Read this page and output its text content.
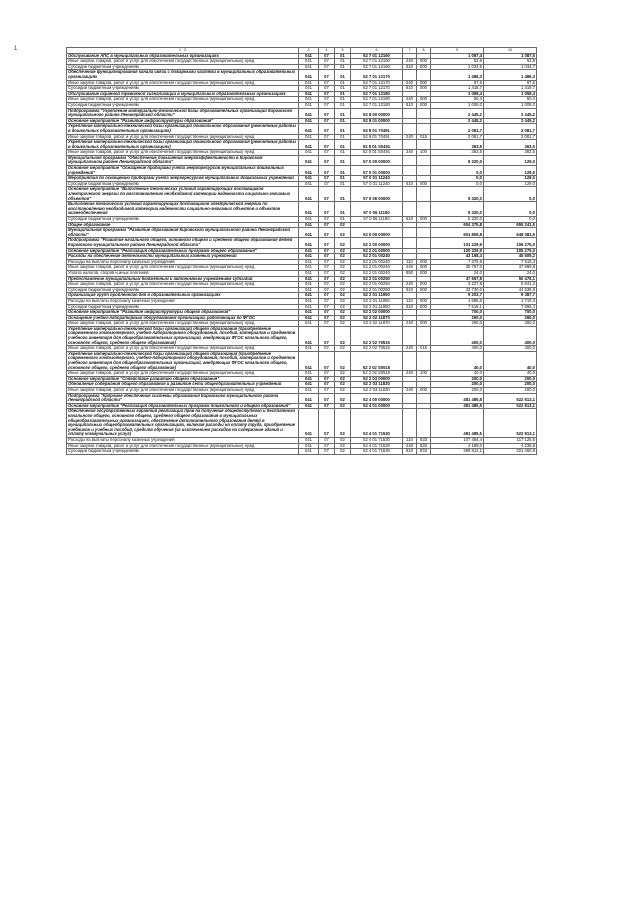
1	1 2	3	4	5	6	7	8	9	10
Обслуживание АПС в муниципальных образовательных организациях	041	07	01	52 7 01 12160			1 087,4	1 087,5
Иные закупки товаров, работ и услуг для обеспечения государственных (муниципальных) нужд	041	07	01	52 7 01 12160	240	000	52,8	52,8
Субсидии бюджетным учреждениям	041	07	01	52 7 01 12160	610	000	1 034,6	1 034,7
Обеспечение функционирования канала связи с пожарными частями в муниципальных образовательных организациях	041	07	01	52 7 01 12170			1 486,3	1 486,3
Иные закупки товаров, работ и услуг для обеспечения государственных (муниципальных) нужд	041	07	01	52 7 01 12170	240	000	67,6	67,6
Субсидии бюджетным учреждениям	041	07	01	52 7 01 12170	610	000	1 418,7	1 418,7
Обслуживание охранной тревожной сигнализации в муниципальных образовательных организациях	041	07	01	52 7 01 12180			1 058,4	1 058,4
Иные закупки товаров, работ и услуг для обеспечения государственных (муниципальных) нужд	041	07	01	52 7 01 12180	240	000	50,4	50,4
Субсидии бюджетным учреждениям	041	07	01	52 7 01 12180	610	000	1 008,0	1 008,0
Подпрограмма "Укрепление материально-технической базы образовательных организаций Кировского муниципального района Ленинградской области"	041	07	01	52 8 00 00000			2 445,2	2 445,2
Основное мероприятие "Развитие инфраструктуры образования"	041	07	01	52 8 01 00000			2 445,2	2 445,2
Укрепление материально-технической базы организаций дошкольного образования (ремонтные работы в дошкольных образовательных организациях)	041	07	01	52 8 01 70491			2 081,7	2 081,7
Иные закупки товаров, работ и услуг для обеспечения государственных (муниципальных) нужд	041	07	01	52 8 01 70491	240	015	2 081,7	2 081,7
Укрепление материально-технической базы организаций дошкольного образования (ремонтные работы в дошкольных образовательных организациях)	041	07	01	52 8 01 S0491			363,5	363,5
Иные закупки товаров, работ и услуг для обеспечения государственных (муниципальных) нужд	041	07	01	52 8 01 S0491	240	100	363,5	363,5
Муниципальная программа "Обеспечение повышения энергоэффективности в Кировском муниципальном районе Ленинградской области"	041	07	01	57 0 00 00000			5 320,0	129,0
Основное мероприятие "Оснащение приборами учета энергоресурсов муниципальных дошкольных учреждений"	041	07	01	57 0 01 00000			0,0	129,0
Мероприятия по оснащению приборами учета энергоресурсов муниципальных дошкольных учреждений	041	07	01	57 0 01 11240			0,0	129,0
Субсидии бюджетным учреждениям	041	07	01	57 0 01 11240	610	000	0,0	129,0
Основное мероприятие "Выполнение технических условий гарантирующих поставщиков электрической энергии по восстановлению необходимой категории надежности социально-значимых объектов"	041	07	01	57 0 06 00000			5 320,0	0,0
Выполнение технических условий гарантирующих поставщиков электрической энергии по восстановлению необходимой категории надежности социально-значимых объектов и объектов жизнеобеспечения	041	07	01	57 0 06 11180			5 320,0	0,0
Субсидии бюджетным учреждениям	041	07	01	57 0 06 11180	610	000	5 320,0	0,0
Общее образование	041	07	02				604 375,8	655 241,5
Муниципальная программа "Развитие образования Кировского муниципального района Ленинградской области"	041	07	02	52 0 00 00000			601 805,8	648 081,5
Подпрограмма "Развитие начального общего, основного общего и среднего общего образования детей Кировского муниципального района Ленинградской области"	041	07	02	52 2 00 00000			101 229,9	106 275,0
Основное мероприятие "Реализация образовательных программ общего образования"	041	07	02	52 2 01 00000			100 329,9	105 275,0
Расходы на обеспечение деятельности муниципальных казенных учреждений	041	07	02	52 2 01 00240			43 168,4	45 509,2
Расходы на выплаты персоналу казенных учреждений	041	07	02	52 2 01 00240	110	000	7 376,9	7 515,4
Иные закупки товаров, работ и услуг для обеспечения государственных (муниципальных) нужд	041	07	02	52 2 01 00240	240	000	35 767,0	37 969,8
Уплата налогов, сборов и иных платежей	041	07	02	52 2 01 00240	850	000	24,0	24,0
Предоставление муниципальным бюджетным и автономным учреждениям субсидий	041	07	02	52 2 01 00250			47 657,8	50 476,1
Иные закупки товаров, работ и услуг для обеспечения государственных (муниципальных) нужд	041	07	02	52 2 01 00250	240	000	3 227,8	5 841,3
Субсидии бюджетным учреждениям	041	07	02	52 2 01 00250	610	000	42 730,0	44 636,8
Организация групп продленного дня в образовательных организациях	041	07	02	52 2 01 11950			9 203,7	9 387,7
Расходы на выплаты персоналу казенных учреждений	041	07	02	52 2 01 11950	110	000	1 685,6	1 719,3
Субсидии бюджетным учреждениям	041	07	02	52 2 01 11950	610	000	7 518,1	7 668,4
Основное мероприятие "Развитие инфраструктуры общего образования"	041	07	02	52 2 02 00000			700,0	700,0
Оснащение учебно-лабораторным оборудованием организаций, работающих по ФГОС	041	07	02	52 2 02 11870			260,0	260,0
Иные закупки товаров, работ и услуг для обеспечения государственных (муниципальных) нужд	041	07	02	52 2 02 11870	240	000	260,0	260,0
Укрепление материально-технической базы организаций общего образования (приобретение современного компьютерного, учебно-лабораторного оборудования, пособий, материалов и предметов учебного инвентаря для общеобразовательных организаций, внедряющих ФГОС начального общего, основного общего, среднего общего образования)	041	07	02	52 2 02 70515			400,0	400,0
Иные закупки товаров, работ и услуг для обеспечения государственных (муниципальных) нужд	041	07	02	52 2 02 70515	240	015	400,0	400,0
Укрепление материально-технической базы организаций общего образования (приобретение современного компьютерного, учебно-лабораторного оборудования, пособий, материалов и предметов учебного инвентаря для общеобразовательных организаций, внедряющих ФГОС начального общего, основного общего, среднего общего образования)	041	07	02	52 2 02 S0515			40,0	40,0
Иные закупки товаров, работ и услуг для обеспечения государственных (муниципальных) нужд	041	07	02	52 2 02 S0515	240	100	40,0	40,0
Основное мероприятие "Содействие развитию общего образования"	041	07	02	52 2 03 00000			200,0	200,0
Обновление содержания общего образования и развитие сети общеобразовательных учреждений	041	07	02	52 2 03 11830			200,0	200,0
Иные закупки товаров, работ и услуг для обеспечения государственных (муниципальных) нужд	041	07	02	52 2 03 11830	240	000	200,0	200,0
Подпрограмма "Кадровое обеспечение системы образования Кировского муниципального района Ленинградской области"	041	07	02	52 4 00 00000			481 485,5	522 813,1
Основное мероприятие "Реализация образовательных программ дошкольного и общего образования"	041	07	02	52 4 01 00000			481 485,5	522 813,1
Обеспечение государственных гарантий реализации прав на получение общедоступного и бесплатного начального общего, основного общего, среднего общего образования в муниципальных общеобразовательных организациях, обеспечение дополнительного образования детей в муниципальных общеобразовательных организациях, включая расходы на оплату труда, приобретение учебников и учебных пособий, средств обучения (за исключением расходов на содержание зданий и оплату коммунальных услуг)	041	07	02	52 4 01 71530			481 485,5	522 813,1
Расходы на выплаты персоналу казенных учреждений	041	07	02	52 4 01 71530	110	833	107 484,4	117 125,6
Иные закупки товаров, работ и услуг для обеспечения государственных (муниципальных) нужд	041	07	02	52 4 01 71530	240	833	4 189,0	4 236,6
Субсидии бюджетным учреждениям	041	07	02	52 4 01 71530	610	833	369 812,1	401 450,9
